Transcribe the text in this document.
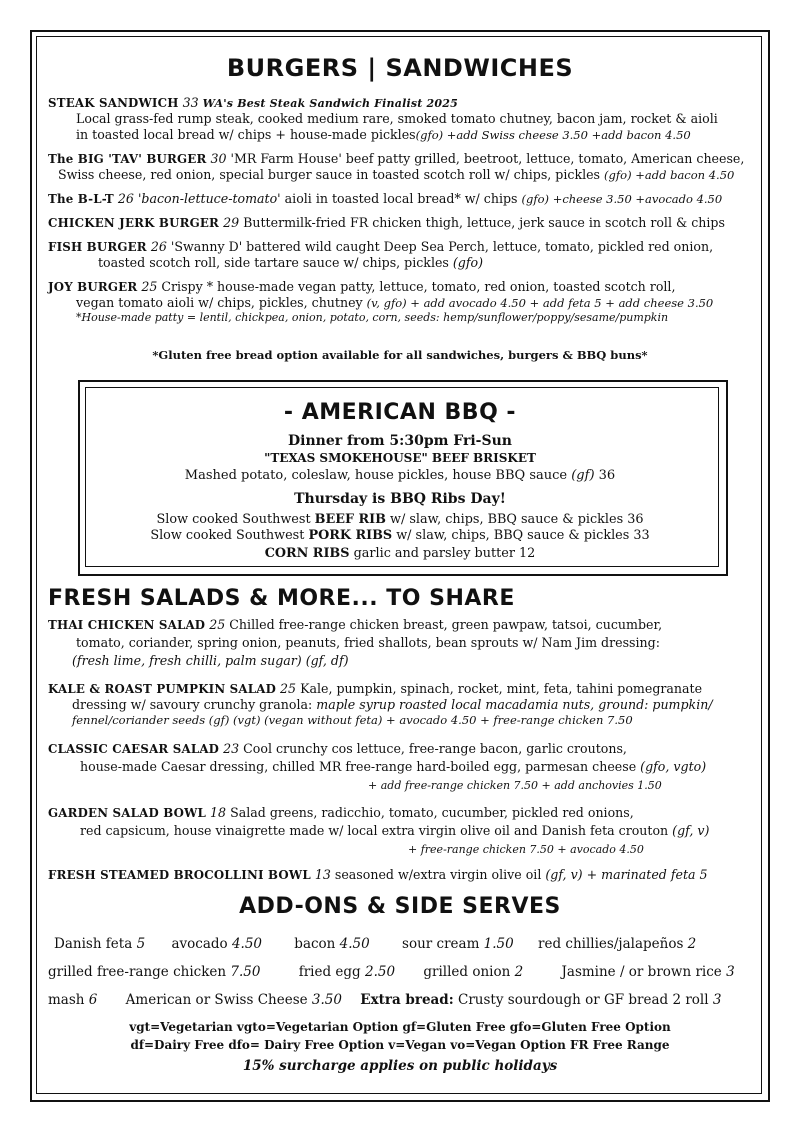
BURGERS | SANDWICHES
STEAK SANDWICH 33 WA's Best Steak Sandwich Finalist 2025
Local grass-fed rump steak, cooked medium rare, smoked tomato chutney, bacon jam, rocket & aioli
in toasted local bread w/ chips + house-made pickles(gfo) +add Swiss cheese 3.50 +add bacon 4.50
The BIG 'TAV' BURGER 30 'MR Farm House' beef patty grilled, beetroot, lettuce, tomato, American cheese,
Swiss cheese, red onion, special burger sauce in toasted scotch roll w/ chips, pickles (gfo) +add bacon 4.50
The B-L-T 26 'bacon-lettuce-tomato' aioli in toasted local bread* w/ chips (gfo) +cheese 3.50 +avocado 4.50
CHICKEN JERK BURGER 29 Buttermilk-fried FR chicken thigh, lettuce, jerk sauce in scotch roll & chips
FISH BURGER 26 'Swanny D' battered wild caught Deep Sea Perch, lettuce, tomato, pickled red onion,
toasted scotch roll, side tartare sauce w/ chips, pickles (gfo)
JOY BURGER 25 Crispy * house-made vegan patty, lettuce, tomato, red onion, toasted scotch roll,
vegan tomato aioli w/ chips, pickles, chutney (v, gfo) + add avocado 4.50 + add feta 5 + add cheese 3.50
*House-made patty = lentil, chickpea, onion, potato, corn, seeds: hemp/sunflower/poppy/sesame/pumpkin
*Gluten free bread option available for all sandwiches, burgers & BBQ buns*
- AMERICAN BBQ -
Dinner from 5:30pm Fri-Sun
"TEXAS SMOKEHOUSE" BEEF BRISKET
Mashed potato, coleslaw, house pickles, house BBQ sauce (gf) 36
Thursday is BBQ Ribs Day!
Slow cooked Southwest BEEF RIB w/ slaw, chips, BBQ sauce & pickles 36
Slow cooked Southwest PORK RIBS w/ slaw, chips, BBQ sauce & pickles 33
CORN RIBS garlic and parsley butter 12
FRESH SALADS & MORE... TO SHARE
THAI CHICKEN SALAD 25 Chilled free-range chicken breast, green pawpaw, tatsoi, cucumber,
tomato, coriander, spring onion, peanuts, fried shallots, bean sprouts w/ Nam Jim dressing:
(fresh lime, fresh chilli, palm sugar) (gf, df)
KALE & ROAST PUMPKIN SALAD 25 Kale, pumpkin, spinach, rocket, mint, feta, tahini pomegranate
dressing w/ savoury crunchy granola: maple syrup roasted local macadamia nuts, ground: pumpkin/
fennel/coriander seeds (gf) (vgt) (vegan without feta) + avocado 4.50 + free-range chicken 7.50
CLASSIC CAESAR SALAD 23 Cool crunchy cos lettuce, free-range bacon, garlic croutons,
house-made Caesar dressing, chilled MR free-range hard-boiled egg, parmesan cheese (gfo, vgto)
+ add free-range chicken 7.50 + add anchovies 1.50
GARDEN SALAD BOWL 18 Salad greens, radicchio, tomato, cucumber, pickled red onions,
red capsicum, house vinaigrette made w/ local extra virgin olive oil and Danish feta crouton (gf, v)
+ free-range chicken 7.50 + avocado 4.50
FRESH STEAMED BROCOLLINI BOWL 13 seasoned w/extra virgin olive oil (gf, v) + marinated feta 5
ADD-ONS & SIDE SERVES
Danish feta 5 avocado 4.50 bacon 4.50 sour cream 1.50 red chillies/jalapeños 2
grilled free-range chicken 7.50	fried egg 2.50 grilled onion 2	Jasmine / or brown rice 3
mash 6 American or Swiss Cheese 3.50 Extra bread: Crusty sourdough or GF bread 2 roll 3
vgt=Vegetarian vgto=Vegetarian Option gf=Gluten Free gfo=Gluten Free Option
df=Dairy Free dfo= Dairy Free Option v=Vegan vo=Vegan Option FR Free Range
15% surcharge applies on public holidays
